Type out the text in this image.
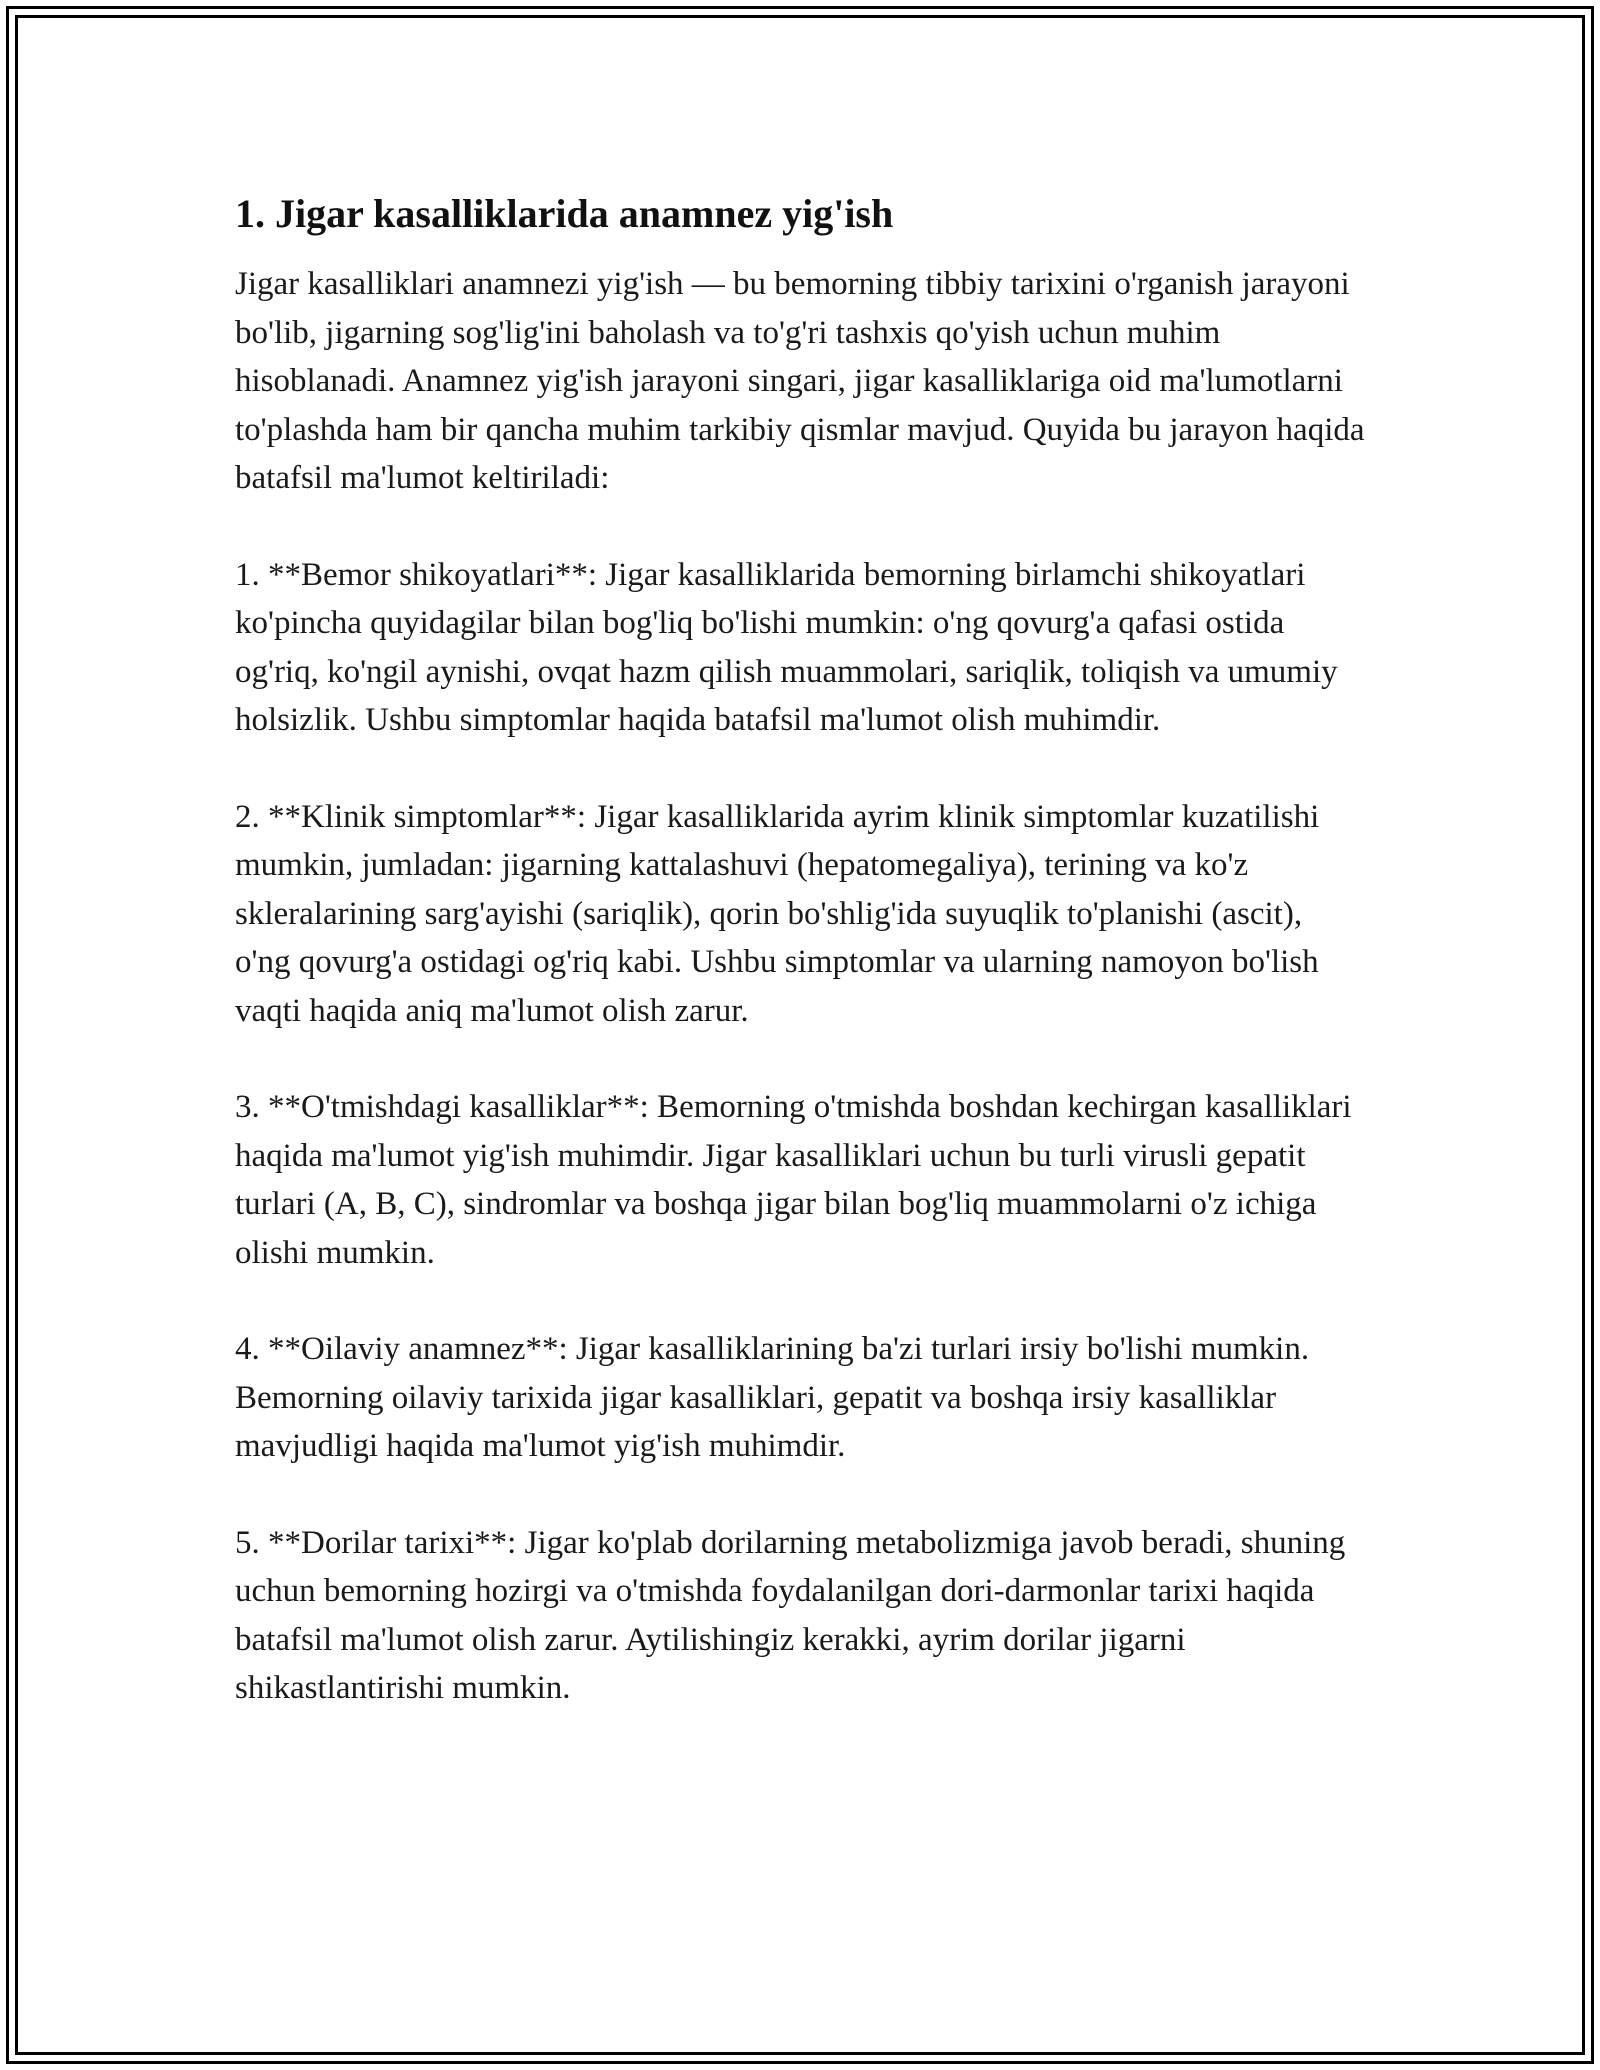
1. Jigar kasalliklarida anamnez yig'ish

Jigar kasalliklari anamnezi yig'ish — bu bemorning tibbiy tarixini o'rganish jarayoni bo'lib, jigarning sog'lig'ini baholash va to'g'ri tashxis qo'yish uchun muhim hisoblanadi. Anamnez yig'ish jarayoni singari, jigar kasalliklariga oid ma'lumotlarni to'plashda ham bir qancha muhim tarkibiy qismlar mavjud. Quyida bu jarayon haqida batafsil ma'lumot keltiriladi:

1. **Bemor shikoyatlari**: Jigar kasalliklarida bemorning birlamchi shikoyatlari ko'pincha quyidagilar bilan bog'liq bo'lishi mumkin: o'ng qovurg'a qafasi ostida og'riq, ko'ngil aynishi, ovqat hazm qilish muammolari, sariqlik, toliqish va umumiy holsizlik. Ushbu simptomlar haqida batafsil ma'lumot olish muhimdir.

2. **Klinik simptomlar**: Jigar kasalliklarida ayrim klinik simptomlar kuzatilishi mumkin, jumladan: jigarning kattalashuvi (hepatomegaliya), terining va ko'z skleralarining sarg'ayishi (sariqlik), qorin bo'shlig'ida suyuqlik to'planishi (ascit), o'ng qovurg'a ostidagi og'riq kabi. Ushbu simptomlar va ularning namoyon bo'lish vaqti haqida aniq ma'lumot olish zarur.

3. **O'tmishdagi kasalliklar**: Bemorning o'tmishda boshdan kechirgan kasalliklari haqida ma'lumot yig'ish muhimdir. Jigar kasalliklari uchun bu turli virusli gepatit turlari (A, B, C), sindromlar va boshqa jigar bilan bog'liq muammolarni o'z ichiga olishi mumkin.

4. **Oilaviy anamnez**: Jigar kasalliklarining ba'zi turlari irsiy bo'lishi mumkin. Bemorning oilaviy tarixida jigar kasalliklari, gepatit va boshqa irsiy kasalliklar mavjudligi haqida ma'lumot yig'ish muhimdir.

5. **Dorilar tarixi**: Jigar ko'plab dorilarning metabolizmiga javob beradi, shuning uchun bemorning hozirgi va o'tmishda foydalanilgan dori-darmonlar tarixi haqida batafsil ma'lumot olish zarur. Aytilishingiz kerakki, ayrim dorilar jigarni shikastlantirishi mumkin.
